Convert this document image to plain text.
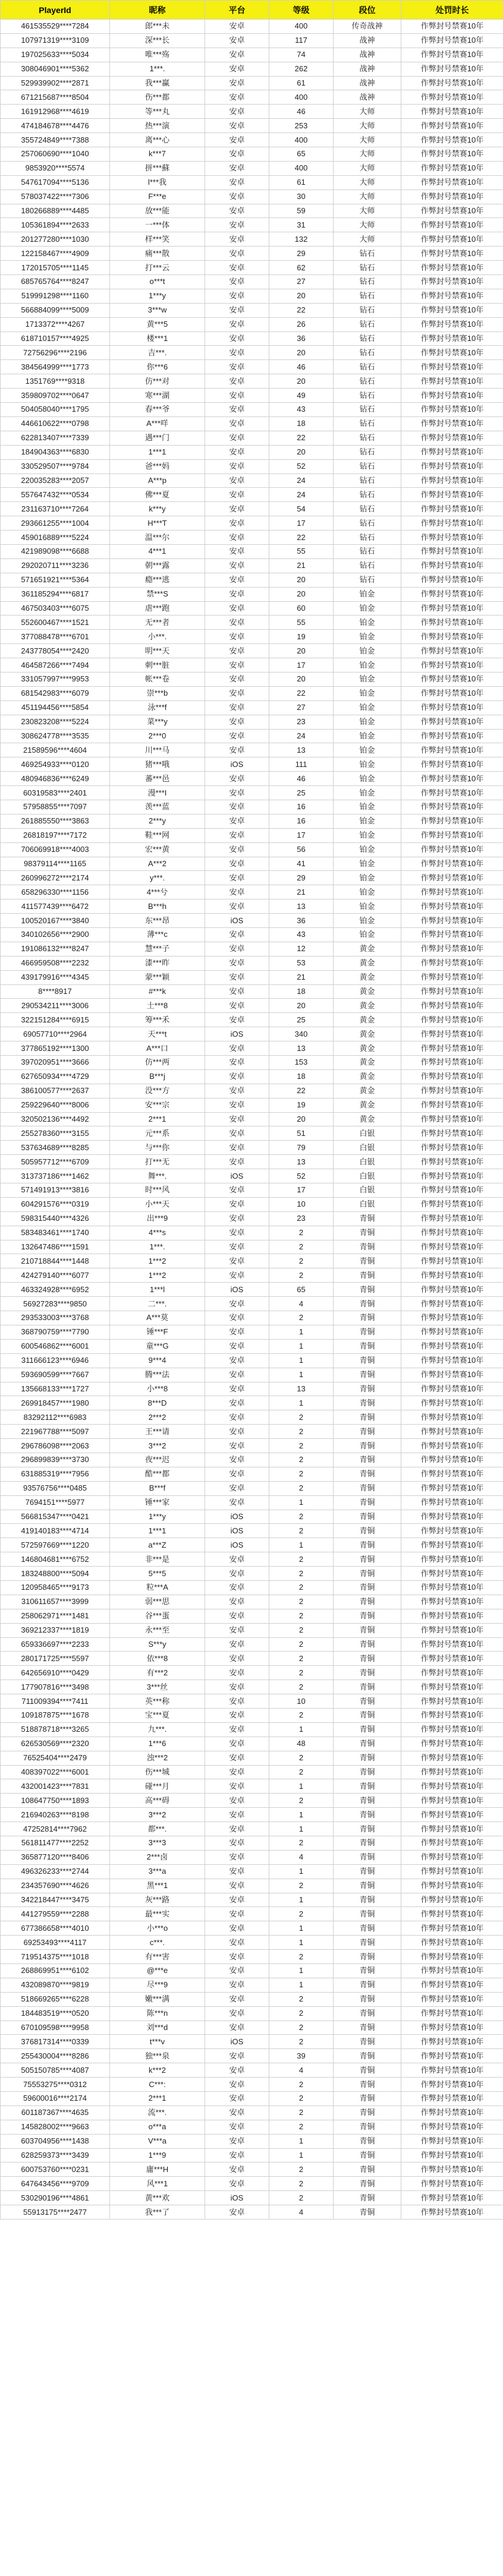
PlayerId	昵称	平台	等级	段位	处罚时长
461535529****7284	郎***未	安卓	400	传奇战神	作弊封号禁赛10年
107971319****3109	深***长	安卓	117	战神	作弊封号禁赛10年
197025633****5034	唯***殇	安卓	74	战神	作弊封号禁赛10年
308046901****5362	1***.	安卓	262	战神	作弊封号禁赛10年
529939902****2871	我***赢	安卓	61	战神	作弊封号禁赛10年
671215687****8504	伤***都	安卓	400	战神	作弊封号禁赛10年
161912968****4619	等***丸	安卓	46	大师	作弊封号禁赛10年
474184678****4476	热***演	安卓	253	大师	作弊封号禁赛10年
355724849****7388	离***心	安卓	400	大师	作弊封号禁赛10年
257060690****1040	k***7	安卓	65	大师	作弊封号禁赛10年
9853920****5574	拼***蘇	安卓	400	大师	作弊封号禁赛10年
547617094****5136	l***我	安卓	61	大师	作弊封号禁赛10年
578037422****7306	F***e	安卓	30	大师	作弊封号禁赛10年
180266889****4485	放***能	安卓	59	大师	作弊封号禁赛10年
105361894****2633	一***体	安卓	31	大师	作弊封号禁赛10年
201277280****1030	样***笑	安卓	132	大师	作弊封号禁赛10年
122158467****4909	痛***散	安卓	29	钻石	作弊封号禁赛10年
172015705****1145	打***云	安卓	62	钻石	作弊封号禁赛10年
685765764****8247	o***t	安卓	27	钻石	作弊封号禁赛10年
519991298****1160	1***y	安卓	20	钻石	作弊封号禁赛10年
566884099****5009	3***w	安卓	22	钻石	作弊封号禁赛10年
1713372****4267	黄***5	安卓	26	钻石	作弊封号禁赛10年
618710157****4925	楼***1	安卓	36	钻石	作弊封号禁赛10年
72756296****2196	吉***.	安卓	20	钻石	作弊封号禁赛10年
384564999****1773	你***6	安卓	46	钻石	作弊封号禁赛10年
1351769****9318	仿***对	安卓	20	钻石	作弊封号禁赛10年
359809702****0647	寒***湖	安卓	49	钻石	作弊封号禁赛10年
504058040****1795	春***爷	安卓	43	钻石	作弊封号禁赛10年
446610622****0798	A***咩	安卓	18	钻石	作弊封号禁赛10年
622813407****7339	遇***门	安卓	22	钻石	作弊封号禁赛10年
184904363****6830	1***1	安卓	20	钻石	作弊封号禁赛10年
330529507****9784	爸***妈	安卓	52	钻石	作弊封号禁赛10年
220035283****2057	A***p	安卓	24	钻石	作弊封号禁赛10年
557647432****0534	佛***夏	安卓	24	钻石	作弊封号禁赛10年
231163710****7264	k***y	安卓	54	钻石	作弊封号禁赛10年
293661255****1004	H***T	安卓	17	钻石	作弊封号禁赛10年
459016889****5224	温***尔	安卓	22	钻石	作弊封号禁赛10年
421989098****6688	4***1	安卓	55	钻石	作弊封号禁赛10年
292020711****3236	朝***露	安卓	21	钻石	作弊封号禁赛10年
571651921****5364	瘾***逃	安卓	20	钻石	作弊封号禁赛10年
361185294****6817	禁***S	安卓	20	铂金	作弊封号禁赛10年
467503403****6075	虐***跑	安卓	60	铂金	作弊封号禁赛10年
552600467****1521	无***者	安卓	55	铂金	作弊封号禁赛10年
377088478****6701	小***.	安卓	19	铂金	作弊封号禁赛10年
243778054****2420	明***天	安卓	20	铂金	作弊封号禁赛10年
464587266****7494	刺***脏	安卓	17	铂金	作弊封号禁赛10年
331057997****9953	帐***卷	安卓	20	铂金	作弊封号禁赛10年
681542983****6079	崇***b	安卓	22	铂金	作弊封号禁赛10年
451194456****5854	泳***f	安卓	27	铂金	作弊封号禁赛10年
230823208****5224	菜***y	安卓	23	铂金	作弊封号禁赛10年
308624778****3535	2***0	安卓	24	铂金	作弊封号禁赛10年
21589596****4604	川***马	安卓	13	铂金	作弊封号禁赛10年
469254933****0120	猪***哦	iOS	111	铂金	作弊封号禁赛10年
480946836****6249	蕃***邑	安卓	46	铂金	作弊封号禁赛10年
60319583****2401	漫***I	安卓	25	铂金	作弊封号禁赛10年
57958855****7097	羡***蓝	安卓	16	铂金	作弊封号禁赛10年
261885550****3863	2***y	安卓	16	铂金	作弊封号禁赛10年
26818197****7172	鞋***网	安卓	17	铂金	作弊封号禁赛10年
706069918****4003	宏***黄	安卓	56	铂金	作弊封号禁赛10年
98379114****1165	A***2	安卓	41	铂金	作弊封号禁赛10年
260996272****2174	y***.	安卓	29	铂金	作弊封号禁赛10年
658296330****1156	4***兮	安卓	21	铂金	作弊封号禁赛10年
411577439****6472	B***h	安卓	13	铂金	作弊封号禁赛10年
100520167****3840	东***昂	iOS	36	铂金	作弊封号禁赛10年
340102656****2900	薄***c	安卓	43	铂金	作弊封号禁赛10年
191086132****8247	慧***子	安卓	12	黄金	作弊封号禁赛10年
466959508****2232	漆***昨	安卓	53	黄金	作弊封号禁赛10年
439179916****4345	蒙***颖	安卓	21	黄金	作弊封号禁赛10年
8****8917	#***k	安卓	18	黄金	作弊封号禁赛10年
290534211****3006	土***8	安卓	20	黄金	作弊封号禁赛10年
322151284****6915	筹***禾	安卓	25	黄金	作弊封号禁赛10年
69057710****2964	天***t	iOS	340	黄金	作弊封号禁赛10年
377865192****1300	A***口	安卓	13	黄金	作弊封号禁赛10年
397020951****3666	仿***两	安卓	153	黄金	作弊封号禁赛10年
627650934****4729	B***j	安卓	18	黄金	作弊封号禁赛10年
386100577****2637	没***方	安卓	22	黄金	作弊封号禁赛10年
259229640****8006	安***宗	安卓	19	黄金	作弊封号禁赛10年
320502136****4492	2***1	安卓	20	黄金	作弊封号禁赛10年
255278360****3155	元***系	安卓	51	白银	作弊封号禁赛10年
537634689****8285	与***你	安卓	79	白银	作弊封号禁赛10年
505957712****6709	打***无	安卓	13	白银	作弊封号禁赛10年
313737186****1462	舞***.	iOS	52	白银	作弊封号禁赛10年
571491913****3816	时***风	安卓	17	白银	作弊封号禁赛10年
604291576****0319	小***天	安卓	10	白银	作弊封号禁赛10年
598315440****4326	出***9	安卓	23	青铜	作弊封号禁赛10年
583483461****1740	4***s	安卓	2	青铜	作弊封号禁赛10年
132647486****1591	1***.	安卓	2	青铜	作弊封号禁赛10年
210718844****1448	1***2	安卓	2	青铜	作弊封号禁赛10年
424279140****6077	1***2	安卓	2	青铜	作弊封号禁赛10年
463324928****6952	1***l	iOS	65	青铜	作弊封号禁赛10年
56927283****9850	二***.	安卓	4	青铜	作弊封号禁赛10年
293533003****3768	A***莫	安卓	2	青铜	作弊封号禁赛10年
368790759****7790	锤***F	安卓	1	青铜	作弊封号禁赛10年
600546862****6001	童***G	安卓	1	青铜	作弊封号禁赛10年
311666123****6946	9***4	安卓	1	青铜	作弊封号禁赛10年
593690599****7667	腾***法	安卓	1	青铜	作弊封号禁赛10年
135668133****1727	小***8	安卓	13	青铜	作弊封号禁赛10年
269918457****1980	8***D	安卓	1	青铜	作弊封号禁赛10年
83292112****6983	2***2	安卓	2	青铜	作弊封号禁赛10年
221967788****5097	王***请	安卓	2	青铜	作弊封号禁赛10年
296786098****2063	3***2	安卓	2	青铜	作弊封号禁赛10年
296899839****3730	夜***迟	安卓	2	青铜	作弊封号禁赛10年
631885319****7956	酷***都	安卓	2	青铜	作弊封号禁赛10年
93576756****0485	B***f	安卓	2	青铜	作弊封号禁赛10年
7694151****5977	锤***家	安卓	1	青铜	作弊封号禁赛10年
566815347****0421	1***y	iOS	2	青铜	作弊封号禁赛10年
419140183****4714	1***1	iOS	2	青铜	作弊封号禁赛10年
572597669****1220	a***Z	iOS	1	青铜	作弊封号禁赛10年
146804681****6752	非***是	安卓	2	青铜	作弊封号禁赛10年
183248800****5094	5***5	安卓	2	青铜	作弊封号禁赛10年
120958465****9173	粒***A	安卓	2	青铜	作弊封号禁赛10年
310611657****3999	弱***思	安卓	2	青铜	作弊封号禁赛10年
258062971****1481	谷***蛋	安卓	2	青铜	作弊封号禁赛10年
369212337****1819	永***至	安卓	2	青铜	作弊封号禁赛10年
659336697****2233	S***y	安卓	2	青铜	作弊封号禁赛10年
280171725****5597	依***8	安卓	2	青铜	作弊封号禁赛10年
642656910****0429	有***2	安卓	2	青铜	作弊封号禁赛10年
177907816****3498	3***丝	安卓	2	青铜	作弊封号禁赛10年
711009394****7411	英***称	安卓	10	青铜	作弊封号禁赛10年
109187875****1678	宝***夏	安卓	2	青铜	作弊封号禁赛10年
518878718****3265	九***.	安卓	1	青铜	作弊封号禁赛10年
626530569****2320	1***6	安卓	48	青铜	作弊封号禁赛10年
76525404****2479	浊***2	安卓	2	青铜	作弊封号禁赛10年
408397022****6001	伤***城	安卓	2	青铜	作弊封号禁赛10年
432001423****7831	碰***月	安卓	1	青铜	作弊封号禁赛10年
108647750****1893	高***碍	安卓	2	青铜	作弊封号禁赛10年
216940263****8198	3***2	安卓	1	青铜	作弊封号禁赛10年
47252814****7962	都***.	安卓	1	青铜	作弊封号禁赛10年
561811477****2252	3***3	安卓	2	青铜	作弊封号禁赛10年
365877120****8406	2***卤	安卓	4	青铜	作弊封号禁赛10年
496326233****2744	3***a	安卓	1	青铜	作弊封号禁赛10年
234357690****4626	黑***1	安卓	2	青铜	作弊封号禁赛10年
342218447****3475	灰***路	安卓	1	青铜	作弊封号禁赛10年
441279559****2288	最***实	安卓	2	青铜	作弊封号禁赛10年
677386658****4010	小***o	安卓	1	青铜	作弊封号禁赛10年
69253493****4117	c***.	安卓	1	青铜	作弊封号禁赛10年
719514375****1018	有***害	安卓	2	青铜	作弊封号禁赛10年
268869951****6102	@***e	安卓	1	青铜	作弊封号禁赛10年
432089870****9819	尽***9	安卓	1	青铜	作弊封号禁赛10年
518669265****6228	嫩***满	安卓	2	青铜	作弊封号禁赛10年
184483519****0520	陈***n	安卓	2	青铜	作弊封号禁赛10年
670109598****9958	刘***d	安卓	2	青铜	作弊封号禁赛10年
376817314****0339	t***v	iOS	2	青铜	作弊封号禁赛10年
255430004****8286	独***泉	安卓	39	青铜	作弊封号禁赛10年
505150785****4087	k***2	安卓	4	青铜	作弊封号禁赛10年
75553275****0312	C***:	安卓	2	青铜	作弊封号禁赛10年
59600016****2174	2***1	安卓	2	青铜	作弊封号禁赛10年
601187367****4635	流***.	安卓	2	青铜	作弊封号禁赛10年
145828002****9663	o***a	安卓	2	青铜	作弊封号禁赛10年
603704956****1438	V***a	安卓	1	青铜	作弊封号禁赛10年
628259373****3439	1***9	安卓	1	青铜	作弊封号禁赛10年
600753760****0231	庸***H	安卓	2	青铜	作弊封号禁赛10年
647643456****9709	风***1	安卓	2	青铜	作弊封号禁赛10年
530290196****4861	黄***欢	iOS	2	青铜	作弊封号禁赛10年
55913175****2477	我***了	安卓	4	青铜	作弊封号禁赛10年
